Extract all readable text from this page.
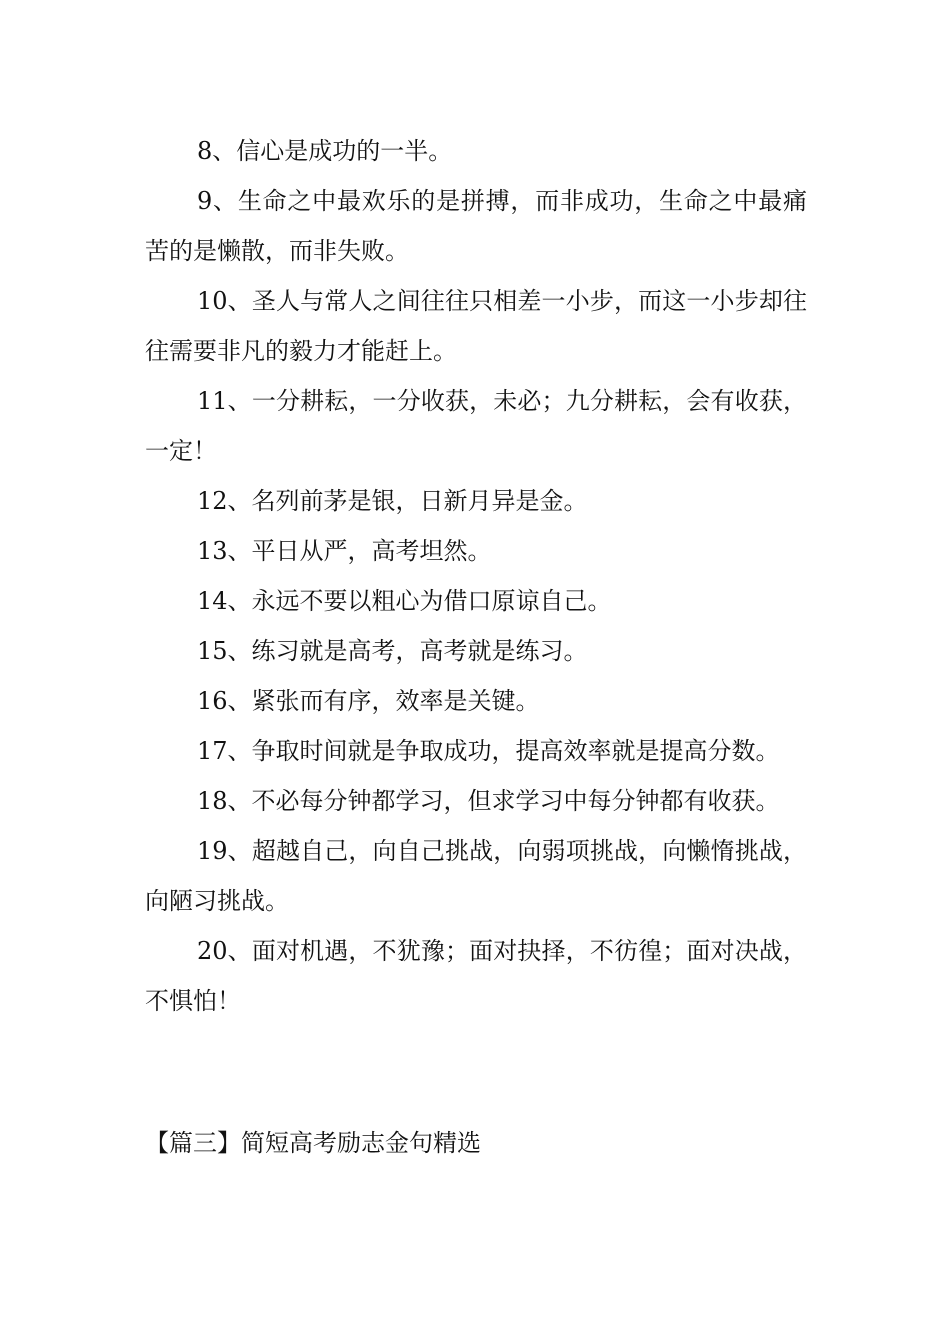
8、信心是成功的一半。

9、生命之中最欢乐的是拼搏，而非成功，生命之中最痛苦的是懒散，而非失败。

10、圣人与常人之间往往只相差一小步，而这一小步却往往需要非凡的毅力才能赶上。

11、一分耕耘，一分收获，未必；九分耕耘，会有收获，一定！

12、名列前茅是银，日新月异是金。

13、平日从严，高考坦然。

14、永远不要以粗心为借口原谅自己。

15、练习就是高考，高考就是练习。

16、紧张而有序，效率是关键。

17、争取时间就是争取成功，提高效率就是提高分数。

18、不必每分钟都学习，但求学习中每分钟都有收获。

19、超越自己，向自己挑战，向弱项挑战，向懒惰挑战，向陋习挑战。

20、面对机遇，不犹豫；面对抉择，不彷徨；面对决战，不惧怕！

【篇三】简短高考励志金句精选
